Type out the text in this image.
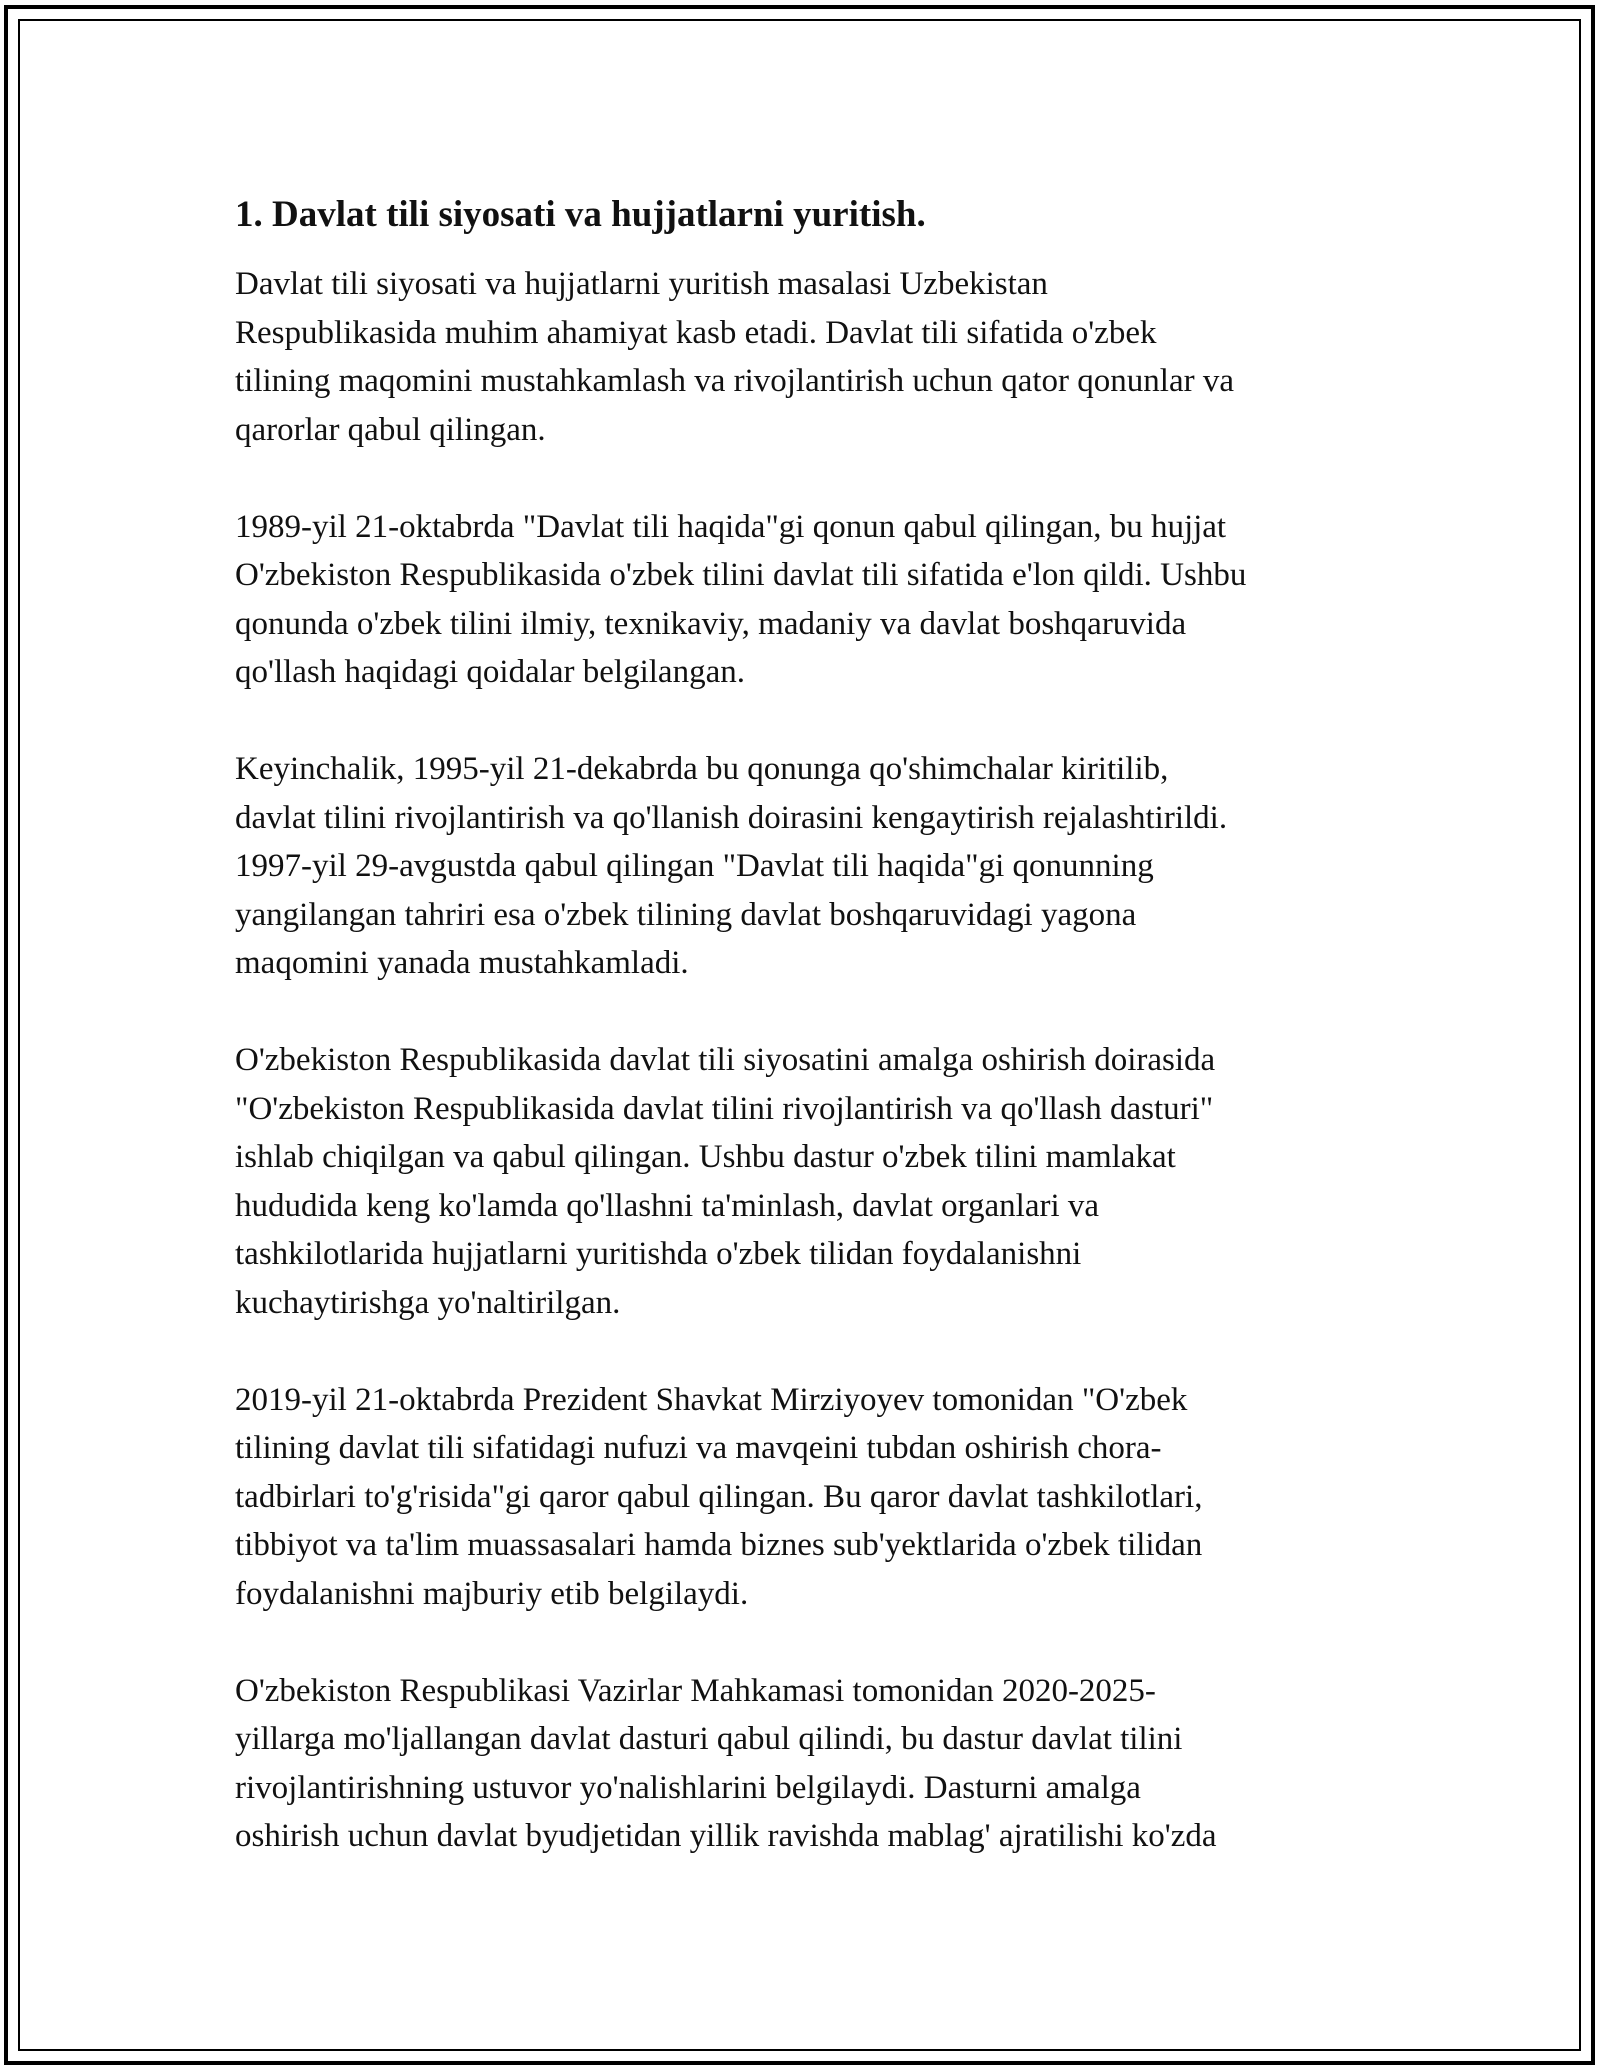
1. Davlat tili siyosati va hujjatlarni yuritish.
Davlat tili siyosati va hujjatlarni yuritish masalasi Uzbekistan
Respublikasida muhim ahamiyat kasb etadi. Davlat tili sifatida o'zbek
tilining maqomini mustahkamlash va rivojlantirish uchun qator qonunlar va
qarorlar qabul qilingan.
1989-yil 21-oktabrda "Davlat tili haqida"gi qonun qabul qilingan, bu hujjat
O'zbekiston Respublikasida o'zbek tilini davlat tili sifatida e'lon qildi. Ushbu
qonunda o'zbek tilini ilmiy, texnikaviy, madaniy va davlat boshqaruvida
qo'llash haqidagi qoidalar belgilangan.
Keyinchalik, 1995-yil 21-dekabrda bu qonunga qo'shimchalar kiritilib,
davlat tilini rivojlantirish va qo'llanish doirasini kengaytirish rejalashtirildi.
1997-yil 29-avgustda qabul qilingan "Davlat tili haqida"gi qonunning
yangilangan tahriri esa o'zbek tilining davlat boshqaruvidagi yagona
maqomini yanada mustahkamladi.
O'zbekiston Respublikasida davlat tili siyosatini amalga oshirish doirasida
"O'zbekiston Respublikasida davlat tilini rivojlantirish va qo'llash dasturi"
ishlab chiqilgan va qabul qilingan. Ushbu dastur o'zbek tilini mamlakat
hududida keng ko'lamda qo'llashni ta'minlash, davlat organlari va
tashkilotlarida hujjatlarni yuritishda o'zbek tilidan foydalanishni
kuchaytirishga yo'naltirilgan.
2019-yil 21-oktabrda Prezident Shavkat Mirziyoyev tomonidan "O'zbek
tilining davlat tili sifatidagi nufuzi va mavqeini tubdan oshirish chora-
tadbirlari to'g'risida"gi qaror qabul qilingan. Bu qaror davlat tashkilotlari,
tibbiyot va ta'lim muassasalari hamda biznes sub'yektlarida o'zbek tilidan
foydalanishni majburiy etib belgilaydi.
O'zbekiston Respublikasi Vazirlar Mahkamasi tomonidan 2020-2025-
yillarga mo'ljallangan davlat dasturi qabul qilindi, bu dastur davlat tilini
rivojlantirishning ustuvor yo'nalishlarini belgilaydi. Dasturni amalga
oshirish uchun davlat byudjetidan yillik ravishda mablag' ajratilishi ko'zda
